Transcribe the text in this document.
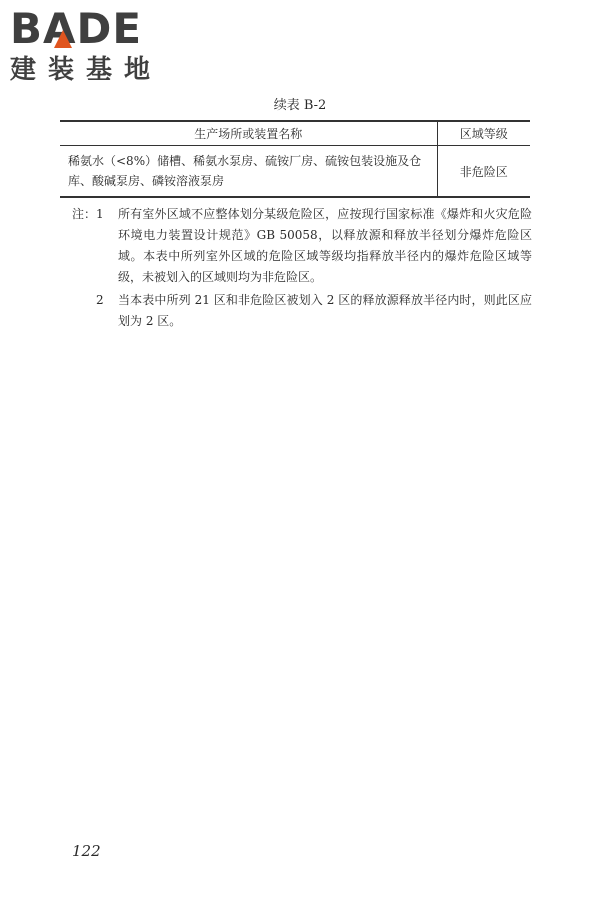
BADE
建装基地
续表 B-2
生产场所或装置名称	区域等级
稀氨水（<8%）储槽、稀氨水泵房、硫铵厂房、硫铵包装设施及仓库、酸碱泵房、磷铵溶液泵房	非危险区
注： 1 所有室外区域不应整体划分某级危险区，应按现行国家标准《爆炸和火灾危险环境电力装置设计规范》GB 50058，以释放源和释放半径划分爆炸危险区域。本表中所列室外区域的危险区域等级均指释放半径内的爆炸危险区域等级，未被划入的区域则均为非危险区。
2 当本表中所列 21 区和非危险区被划入 2 区的释放源释放半径内时，则此区应划为 2 区。
122
